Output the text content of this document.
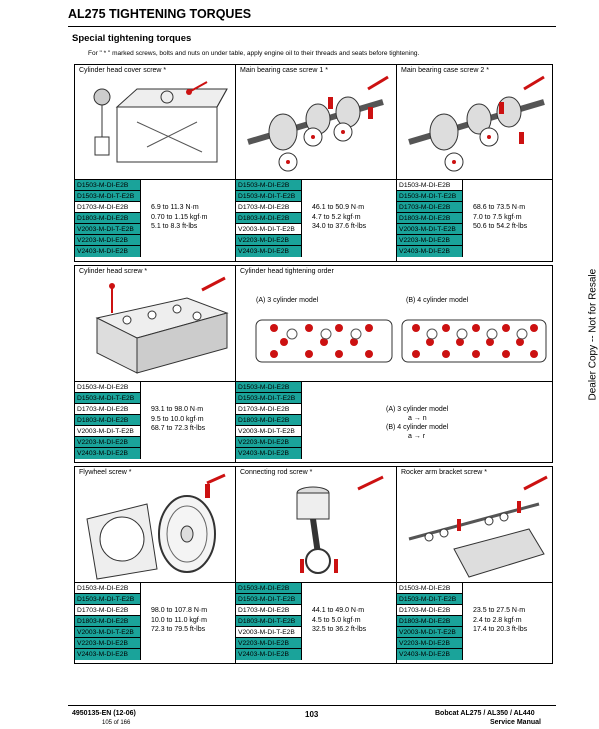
AL275 TIGHTENING TORQUES
Special tightening torques
For " * " marked screws, bolts and nuts on under table, apply engine oil to their threads and seats before tightening.
Dealer Copy -- Not for Resale
Cylinder head cover screw *	Main bearing case screw 1 *	Main bearing case screw 2 *
D1503-M-DI-E2B
D1503-M-DI-T-E2B
D1703-M-DI-E2B
D1803-M-DI-E2B
V2003-M-DI-T-E2B
V2203-M-DI-E2B
V2403-M-DI-E2B
6.9 to 11.3 N·m
0.70 to 1.15 kgf·m
5.1 to 8.3 ft-lbs
D1503-M-DI-E2B
D1503-M-DI-T-E2B
D1703-M-DI-E2B
D1803-M-DI-E2B
V2003-M-DI-T-E2B
V2203-M-DI-E2B
V2403-M-DI-E2B
46.1 to 50.9 N·m
4.7 to 5.2 kgf·m
34.0 to 37.6 ft-lbs
D1503-M-DI-E2B
D1503-M-DI-T-E2B
D1703-M-DI-E2B
D1803-M-DI-E2B
V2003-M-DI-T-E2B
V2203-M-DI-E2B
V2403-M-DI-E2B
68.6 to 73.5 N·m
7.0 to 7.5 kgf·m
50.6 to 54.2 ft-lbs
Cylinder head screw *	Cylinder head tightening order
(A) 3 cylinder model	(B) 4 cylinder model
D1503-M-DI-E2B
D1503-M-DI-T-E2B
D1703-M-DI-E2B
D1803-M-DI-E2B
V2003-M-DI-T-E2B
V2203-M-DI-E2B
V2403-M-DI-E2B
93.1 to 98.0 N·m
9.5 to 10.0 kgf·m
68.7 to 72.3 ft-lbs
D1503-M-DI-E2B
D1503-M-DI-T-E2B
D1703-M-DI-E2B
D1803-M-DI-E2B
V2003-M-DI-T-E2B
V2203-M-DI-E2B
V2403-M-DI-E2B
(A) 3 cylinder model
a → n
(B) 4 cylinder model
a → r
Flywheel screw *	Connecting rod screw *	Rocker arm bracket screw *
D1503-M-DI-E2B
D1503-M-DI-T-E2B
D1703-M-DI-E2B
D1803-M-DI-E2B
V2003-M-DI-T-E2B
V2203-M-DI-E2B
V2403-M-DI-E2B
98.0 to 107.8 N·m
10.0 to 11.0 kgf·m
72.3 to 79.5 ft-lbs
D1503-M-DI-E2B
D1503-M-DI-T-E2B
D1703-M-DI-E2B
D1803-M-DI-T-E2B
V2003-M-DI-T-E2B
V2203-M-DI-E2B
V2403-M-DI-E2B
44.1 to 49.0 N·m
4.5 to 5.0 kgf·m
32.5 to 36.2 ft-lbs
D1503-M-DI-E2B
D1503-M-DI-T-E2B
D1703-M-DI-E2B
D1803-M-DI-E2B
V2003-M-DI-T-E2B
V2203-M-DI-E2B
V2403-M-DI-E2B
23.5 to 27.5 N·m
2.4 to 2.8 kgf·m
17.4 to 20.3 ft-lbs
4950135-EN (12-06)
105 of 166
103	Bobcat AL275 / AL350 / AL440
Service Manual
